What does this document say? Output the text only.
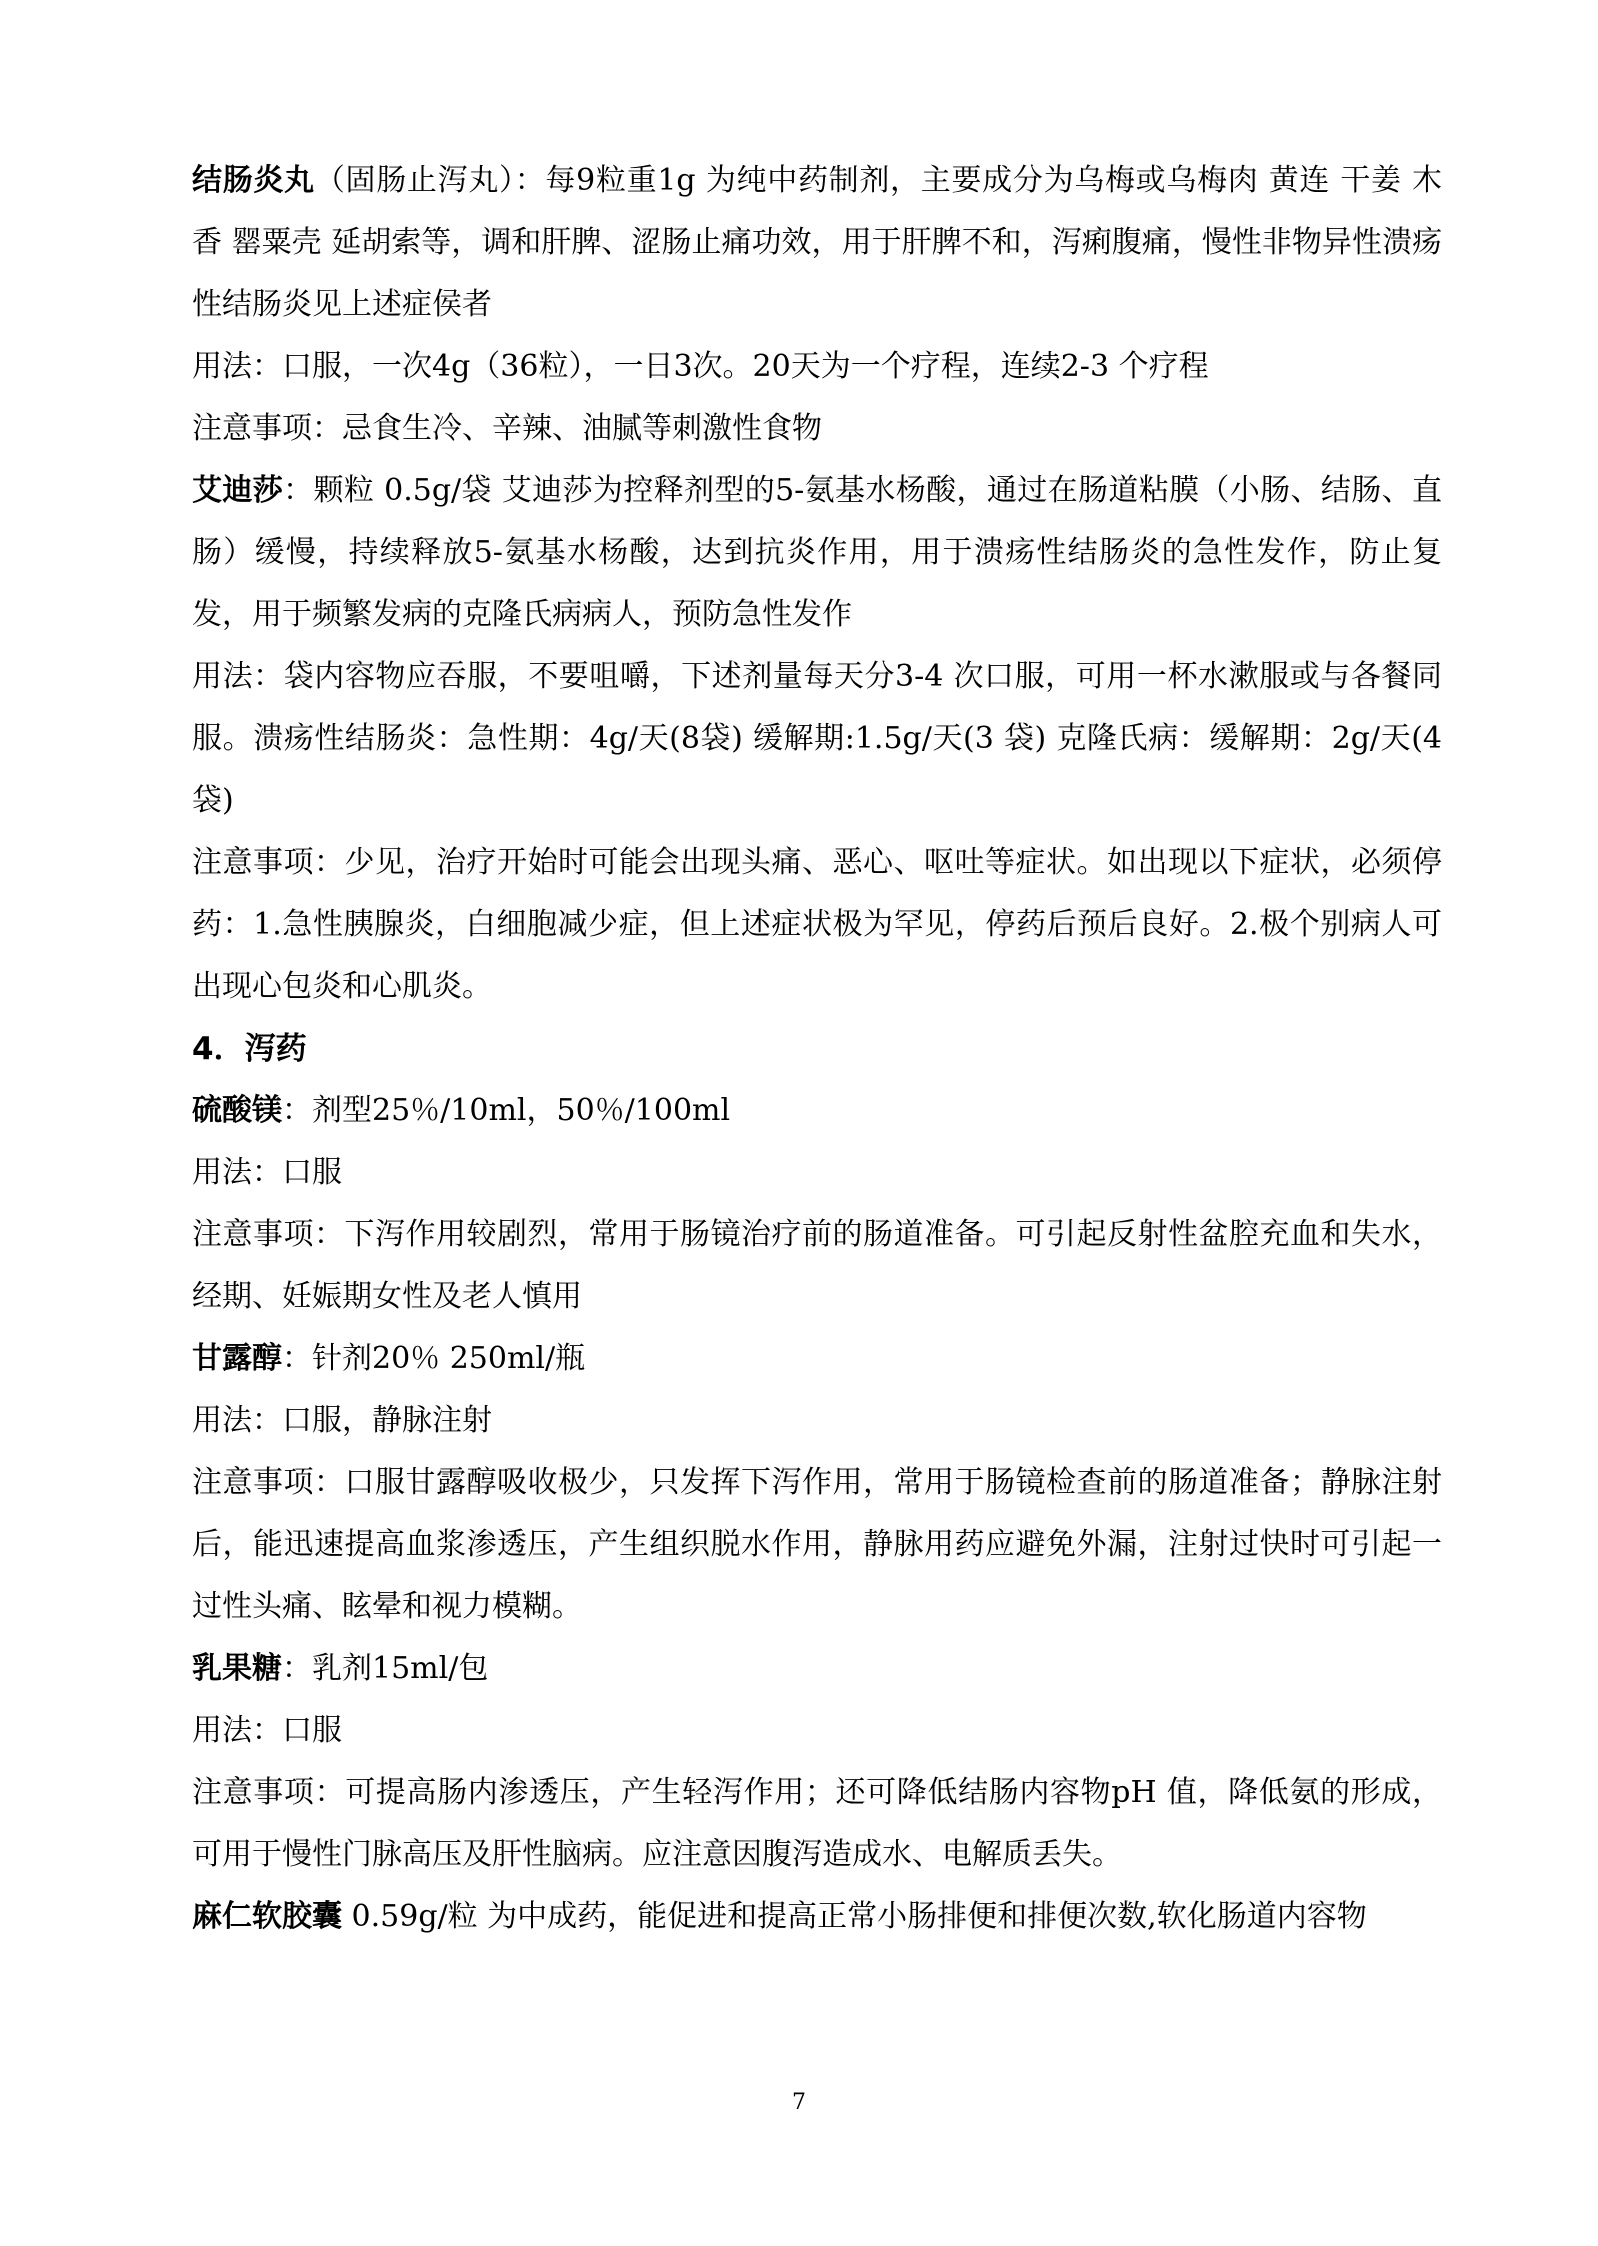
结肠炎丸（固肠止泻丸）：每9粒重1g 为纯中药制剂，主要成分为乌梅或乌梅肉 黄连 干姜 木香 罂粟壳 延胡索等，调和肝脾、涩肠止痛功效，用于肝脾不和，泻痢腹痛，慢性非物异性溃疡性结肠炎见上述症侯者

用法：口服，一次4g（36粒），一日3次。20天为一个疗程，连续2-3 个疗程

注意事项：忌食生冷、辛辣、油腻等刺激性食物

艾迪莎：颗粒 0.5g/袋 艾迪莎为控释剂型的5-氨基水杨酸，通过在肠道粘膜（小肠、结肠、直肠）缓慢，持续释放5-氨基水杨酸，达到抗炎作用，用于溃疡性结肠炎的急性发作，防止复发，用于频繁发病的克隆氏病病人，预防急性发作

用法：袋内容物应吞服，不要咀嚼，下述剂量每天分3-4 次口服，可用一杯水漱服或与各餐同服。溃疡性结肠炎：急性期：4g/天(8袋) 缓解期:1.5g/天(3 袋) 克隆氏病：缓解期：2g/天(4袋)

注意事项：少见，治疗开始时可能会出现头痛、恶心、呕吐等症状。如出现以下症状，必须停药：1.急性胰腺炎，白细胞减少症，但上述症状极为罕见，停药后预后良好。2.极个别病人可出现心包炎和心肌炎。

4．泻药

硫酸镁：剂型25％/10ml，50％/100ml

用法：口服

注意事项：下泻作用较剧烈，常用于肠镜治疗前的肠道准备。可引起反射性盆腔充血和失水，经期、妊娠期女性及老人慎用

甘露醇：针剂20％ 250ml/瓶

用法：口服，静脉注射

注意事项：口服甘露醇吸收极少，只发挥下泻作用，常用于肠镜检查前的肠道准备；静脉注射后，能迅速提高血浆渗透压，产生组织脱水作用，静脉用药应避免外漏，注射过快时可引起一过性头痛、眩晕和视力模糊。

乳果糖：乳剂15ml/包

用法：口服

注意事项：可提高肠内渗透压，产生轻泻作用；还可降低结肠内容物pH 值，降低氨的形成，可用于慢性门脉高压及肝性脑病。应注意因腹泻造成水、电解质丢失。

麻仁软胶囊 0.59g/粒 为中成药，能促进和提高正常小肠排便和排便次数,软化肠道内容物

7
